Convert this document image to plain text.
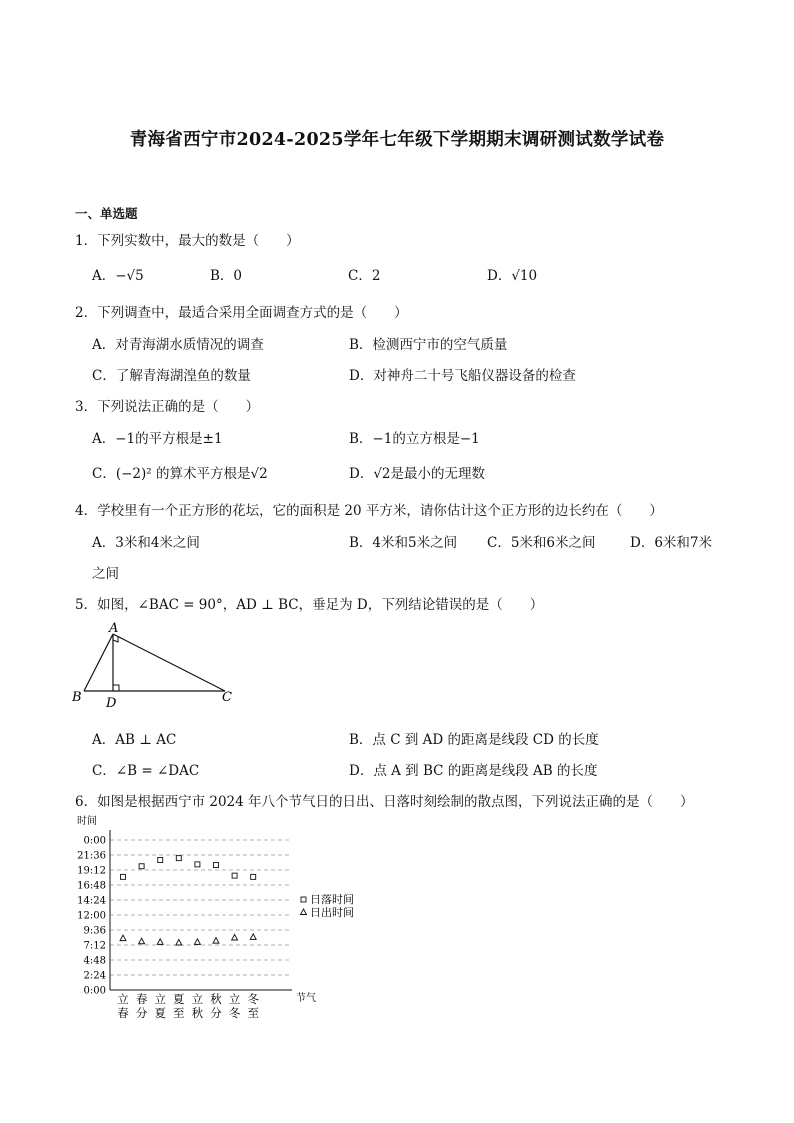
青海省西宁市2024-2025学年七年级下学期期末调研测试数学试卷
一、单选题
1．下列实数中，最大的数是（　　）
A．−√5	B．0	C．2	D．√10
2．下列调查中，最适合采用全面调查方式的是（　　）
A．对青海湖水质情况的调查	B．检测西宁市的空气质量
C．了解青海湖湟鱼的数量	D．对神舟二十号飞船仪器设备的检查
3．下列说法正确的是（　　）
A．−1的平方根是±1	B．−1的立方根是−1
C．(−2)² 的算术平方根是√2	D．√2是最小的无理数
4．学校里有一个正方形的花坛，它的面积是 20 平方米，请你估计这个正方形的边长约在（　　）
A．3米和4米之间	B．4米和5米之间 C．5米和6米之间	D．6米和7米
之间
5．如图，∠BAC = 90°，AD ⊥ BC，垂足为 D，下列结论错误的是（　　）
A
B	C
D
A．AB ⊥ AC	B．点 C 到 AD 的距离是线段 CD 的长度
C．∠B = ∠DAC	D．点 A 到 BC 的距离是线段 AB 的长度
6．如图是根据西宁市 2024 年八个节气日的日出、日落时刻绘制的散点图，下列说法正确的是（　　）
时间
节气
0:00
2:24
4:48
7:12
9:36
12:00
14:24
16:48
19:12
21:36
0:00
立
春
春
分
立
夏
夏
至
立
秋
秋
分
立
冬
冬
至
日落时间
日出时间
